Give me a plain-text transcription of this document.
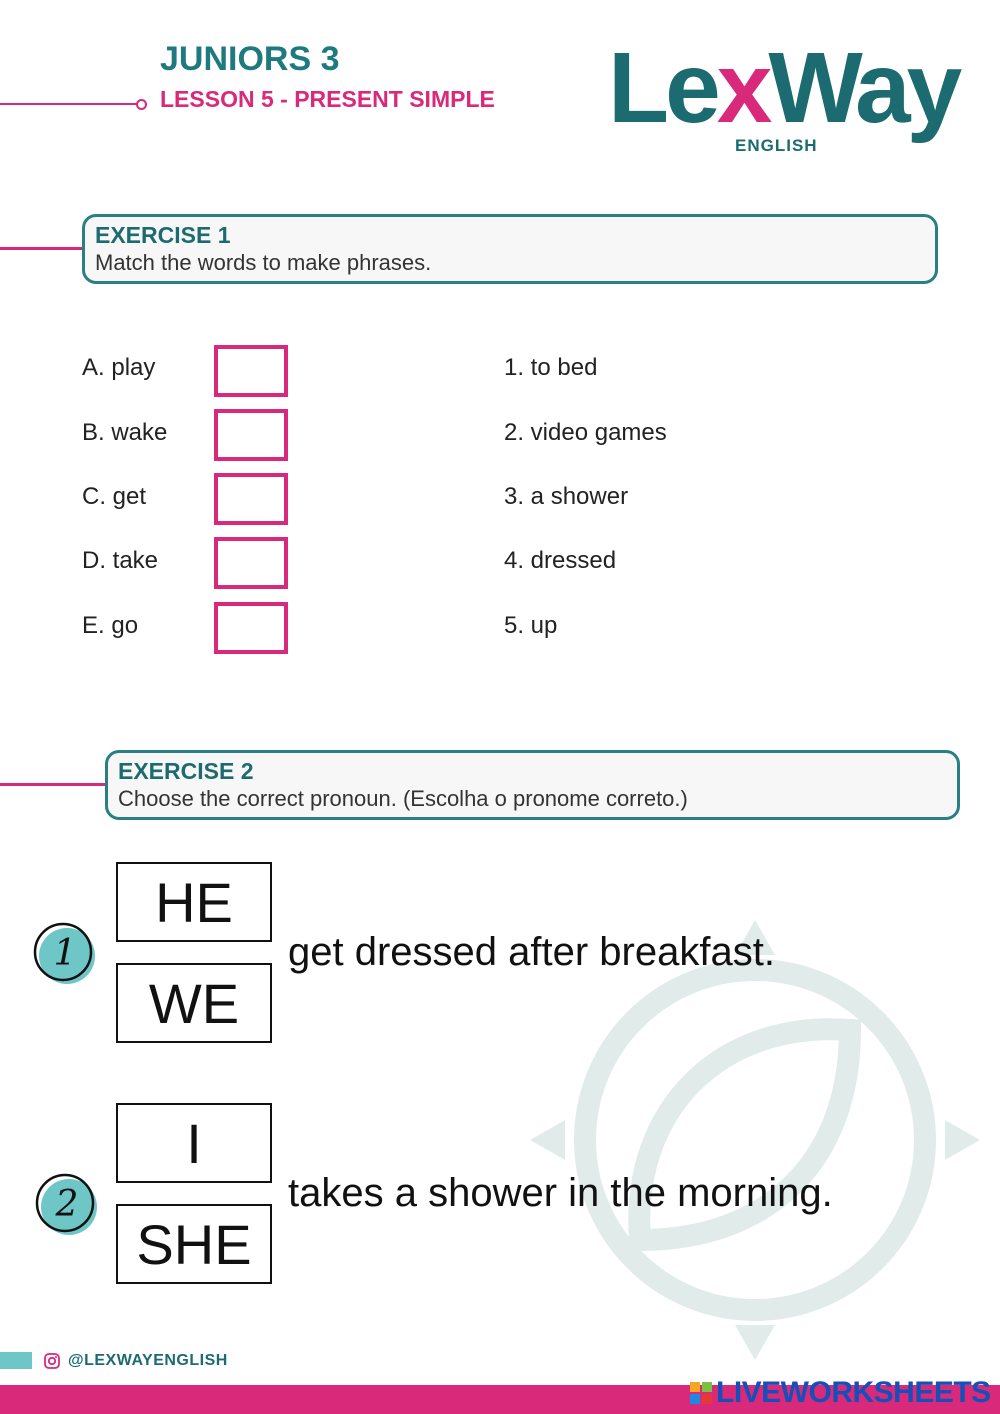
JUNIORS 3
LESSON 5 - PRESENT SIMPLE LexWay
ENGLISH
EXERCISE 1
Match the words to make phrases.
A. play
B. wake
C. get
D. take
E. go
1. to bed
2. video games
3. a shower
4. dressed
5. up
EXERCISE 2
Choose the correct pronoun. (Escolha o pronome correto.)
1
HE
WE
get dressed after breakfast.
2
I
SHE
takes a shower in the morning.
@LEXWAYENGLISH
LIVEWORKSHEETS
